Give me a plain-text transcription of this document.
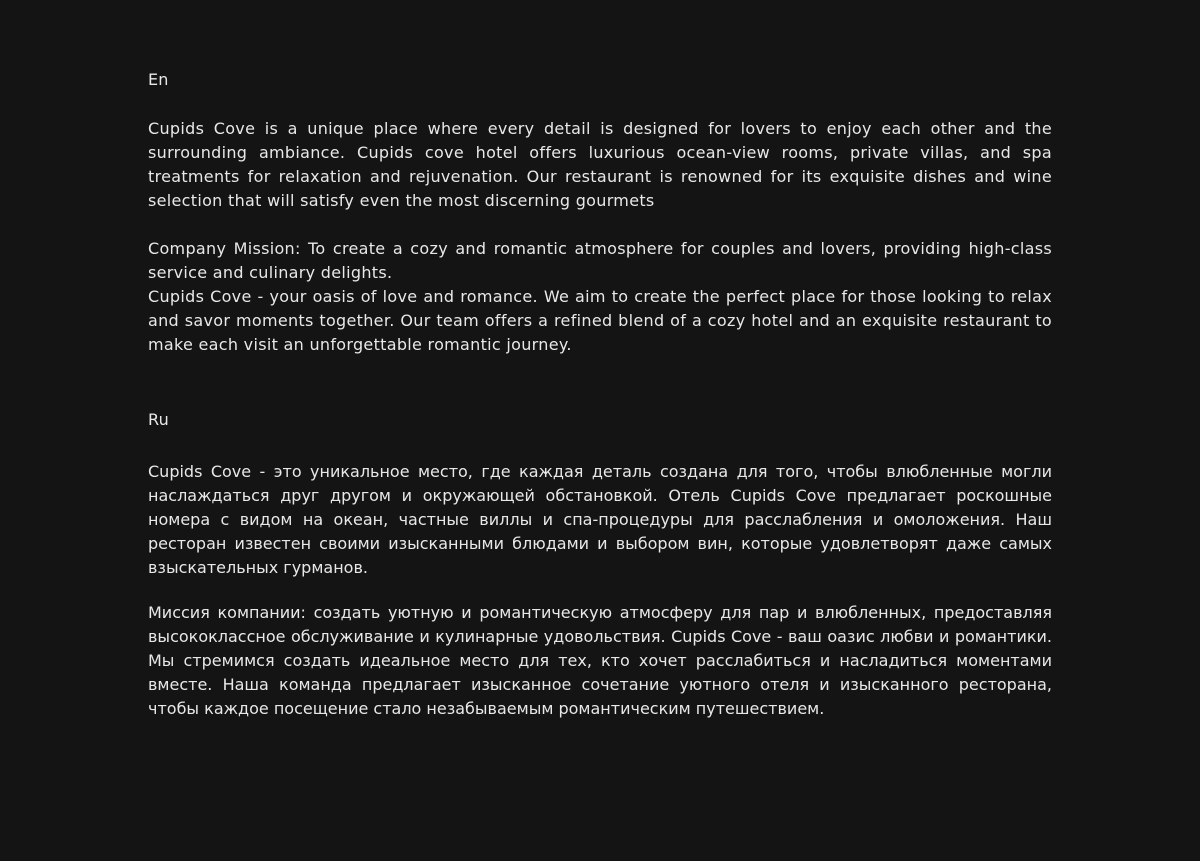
En

Cupids Cove is a unique place where every detail is designed for lovers to enjoy each other and the surrounding ambiance. Cupids cove hotel offers luxurious ocean-view rooms, private villas, and spa treatments for relaxation and rejuvenation. Our restaurant is renowned for its exquisite dishes and wine selection that will satisfy even the most discerning gourmets

Company Mission: To create a cozy and romantic atmosphere for couples and lovers, providing high-class service and culinary delights.
Cupids Cove - your oasis of love and romance. We aim to create the perfect place for those looking to relax and savor moments together. Our team offers a refined blend of a cozy hotel and an exquisite restaurant to make each visit an unforgettable romantic journey.
Ru

Cupids Cove - это уникальное место, где каждая деталь создана для того, чтобы влюбленные могли наслаждаться друг другом и окружающей обстановкой. Отель Cupids Cove предлагает роскошные номера с видом на океан, частные виллы и спа-процедуры для расслабления и омоложения. Наш ресторан известен своими изысканными блюдами и выбором вин, которые удовлетворят даже самых взыскательных гурманов.

Миссия компании: создать уютную и романтическую атмосферу для пар и влюбленных, предоставляя высококлассное обслуживание и кулинарные удовольствия. Cupids Cove - ваш оазис любви и романтики. Мы стремимся создать идеальное место для тех, кто хочет расслабиться и насладиться моментами вместе. Наша команда предлагает изысканное сочетание уютного отеля и изысканного ресторана, чтобы каждое посещение стало незабываемым романтическим путешествием.
